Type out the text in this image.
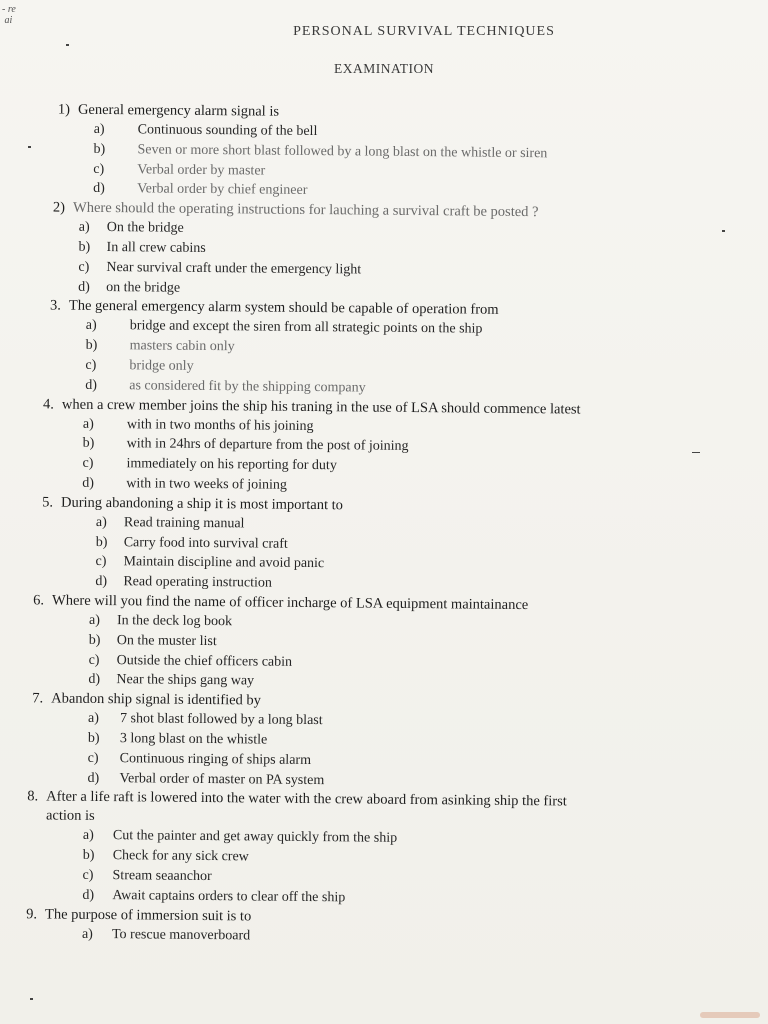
- re
ai
PERSONAL SURVIVAL TECHNIQUES
EXAMINATION
1) General emergency alarm signal is
a)	Continuous sounding of the bell
b)	Seven or more short blast followed by a long blast on the whistle or siren
c)	Verbal order by master
d)	Verbal order by chief engineer
2) Where should the operating instructions for lauching a survival craft be posted ?
a)	On the bridge
b)	In all crew cabins
c)	Near survival craft under the emergency light
d)	on the bridge
3. The general emergency alarm system should be capable of operation from
a)	bridge and except the siren from all strategic points on the ship
b)	masters cabin only
c)	bridge only
d)	as considered fit by the shipping company
4. when a crew member joins the ship his traning in the use of LSA should commence latest
a)	with in two months of his joining
b)	with in 24hrs of departure from the post of joining
c)	immediately on his reporting for duty
d)	with in two weeks of joining
5. During abandoning a ship it is most important to
a)	Read training manual
b)	Carry food into survival craft
c)	Maintain discipline and avoid panic
d)	Read operating instruction
6. Where will you find the name of officer incharge of LSA equipment maintainance
a)	In the deck log book
b)	On the muster list
c)	Outside the chief officers cabin
d)	Near the ships gang way
7. Abandon ship signal is identified by
a)	7 shot blast followed by a long blast
b)	3 long blast on the whistle
c)	Continuous ringing of ships alarm
d)	Verbal order of master on PA system
8. After a life raft is lowered into the water with the crew aboard from asinking ship the first
action is
a)	Cut the painter and get away quickly from the ship
b)	Check for any sick crew
c)	Stream seaanchor
d)	Await captains orders to clear off the ship
9. The purpose of immersion suit is to
a)	To rescue manoverboard
